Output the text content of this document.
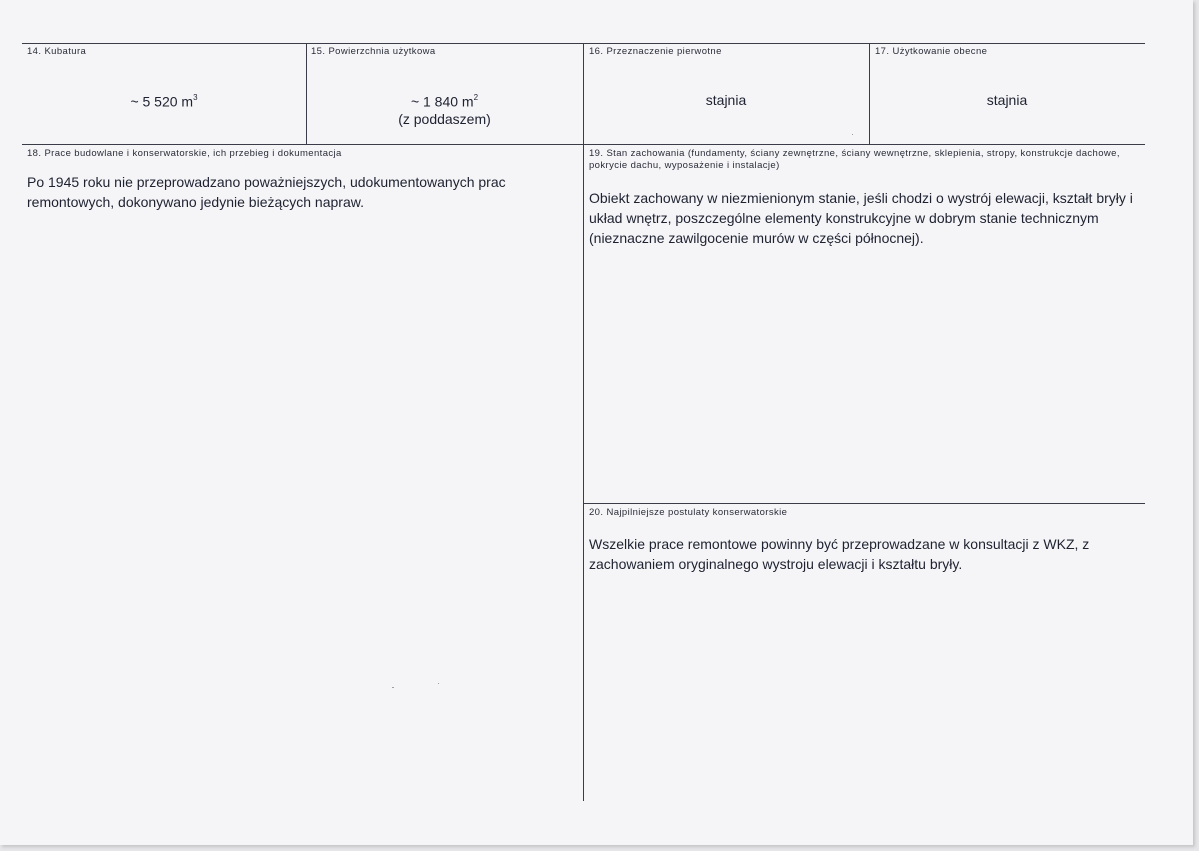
14. Kubatura
~ 5 520 $m^3$
15. Powierzchnia użytkowa
~ 1 840 $m^2$
(z poddaszem)
16. Przeznaczenie pierwotne
stajnia
17. Użytkowanie obecne
stajnia
18. Prace budowlane i konserwatorskie, ich przebieg i dokumentacja
Po 1945 roku nie przeprowadzano poważniejszych, udokumentowanych prac remontowych, dokonywano jedynie bieżących napraw.
19. Stan zachowania (fundamenty, ściany zewnętrzne, ściany wewnętrzne, sklepienia, stropy, konstrukcje dachowe, pokrycie dachu, wyposażenie i instalacje)
Obiekt zachowany w niezmienionym stanie, jeśli chodzi o wystrój elewacji, kształt bryły i układ wnętrz, poszczególne elementy konstrukcyjne w dobrym stanie technicznym (nieznaczne zawilgocenie murów w części północnej).
20. Najpilniejsze postulaty konserwatorskie
Wszelkie prace remontowe powinny być przeprowadzane w konsultacji z WKZ, z zachowaniem oryginalnego wystroju elewacji i kształtu bryły.
